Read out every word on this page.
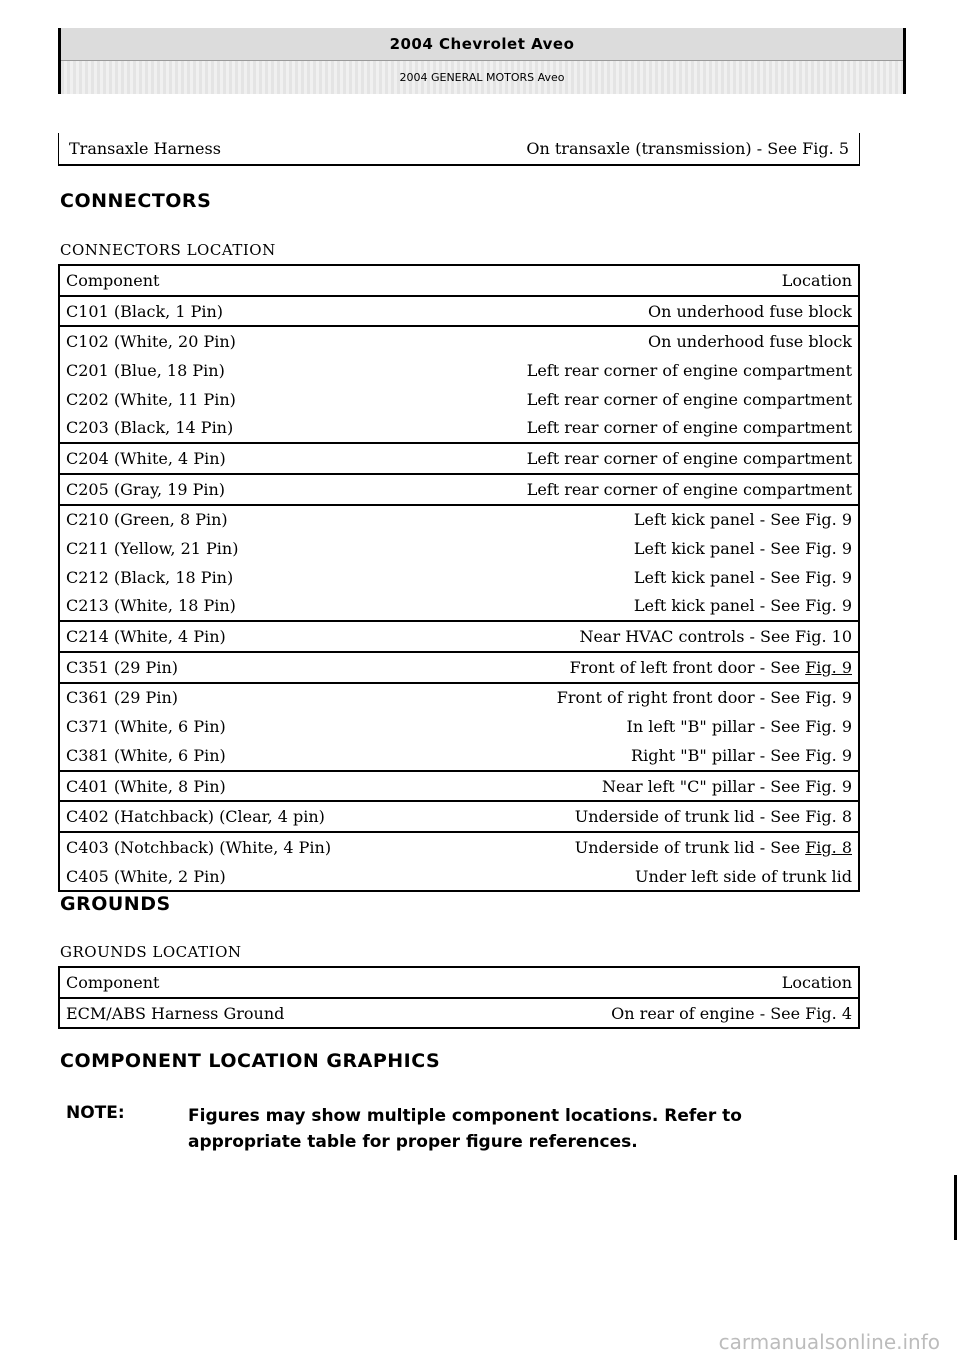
2004 Chevrolet Aveo
2004 GENERAL MOTORS Aveo
Transaxle Harness	On transaxle (transmission) - See Fig. 5
CONNECTORS
CONNECTORS LOCATION
Component	Location
C101 (Black, 1 Pin)	On underhood fuse block
C102 (White, 20 Pin)	On underhood fuse block
C201 (Blue, 18 Pin)	Left rear corner of engine compartment
C202 (White, 11 Pin)	Left rear corner of engine compartment
C203 (Black, 14 Pin)	Left rear corner of engine compartment
C204 (White, 4 Pin)	Left rear corner of engine compartment
C205 (Gray, 19 Pin)	Left rear corner of engine compartment
C210 (Green, 8 Pin)	Left kick panel - See Fig. 9
C211 (Yellow, 21 Pin)	Left kick panel - See Fig. 9
C212 (Black, 18 Pin)	Left kick panel - See Fig. 9
C213 (White, 18 Pin)	Left kick panel - See Fig. 9
C214 (White, 4 Pin)	Near HVAC controls - See Fig. 10
C351 (29 Pin)	Front of left front door - See Fig. 9
C361 (29 Pin)	Front of right front door - See Fig. 9
C371 (White, 6 Pin)	In left "B" pillar - See Fig. 9
C381 (White, 6 Pin)	Right "B" pillar - See Fig. 9
C401 (White, 8 Pin)	Near left "C" pillar - See Fig. 9
C402 (Hatchback) (Clear, 4 pin)	Underside of trunk lid - See Fig. 8
C403 (Notchback) (White, 4 Pin)	Underside of trunk lid - See Fig. 8
C405 (White, 2 Pin)	Under left side of trunk lid
GROUNDS
GROUNDS LOCATION
Component	Location
ECM/ABS Harness Ground	On rear of engine - See Fig. 4
COMPONENT LOCATION GRAPHICS
NOTE:	Figures may show multiple component locations. Refer to appropriate table for proper figure references.
carmanualsonline.info
